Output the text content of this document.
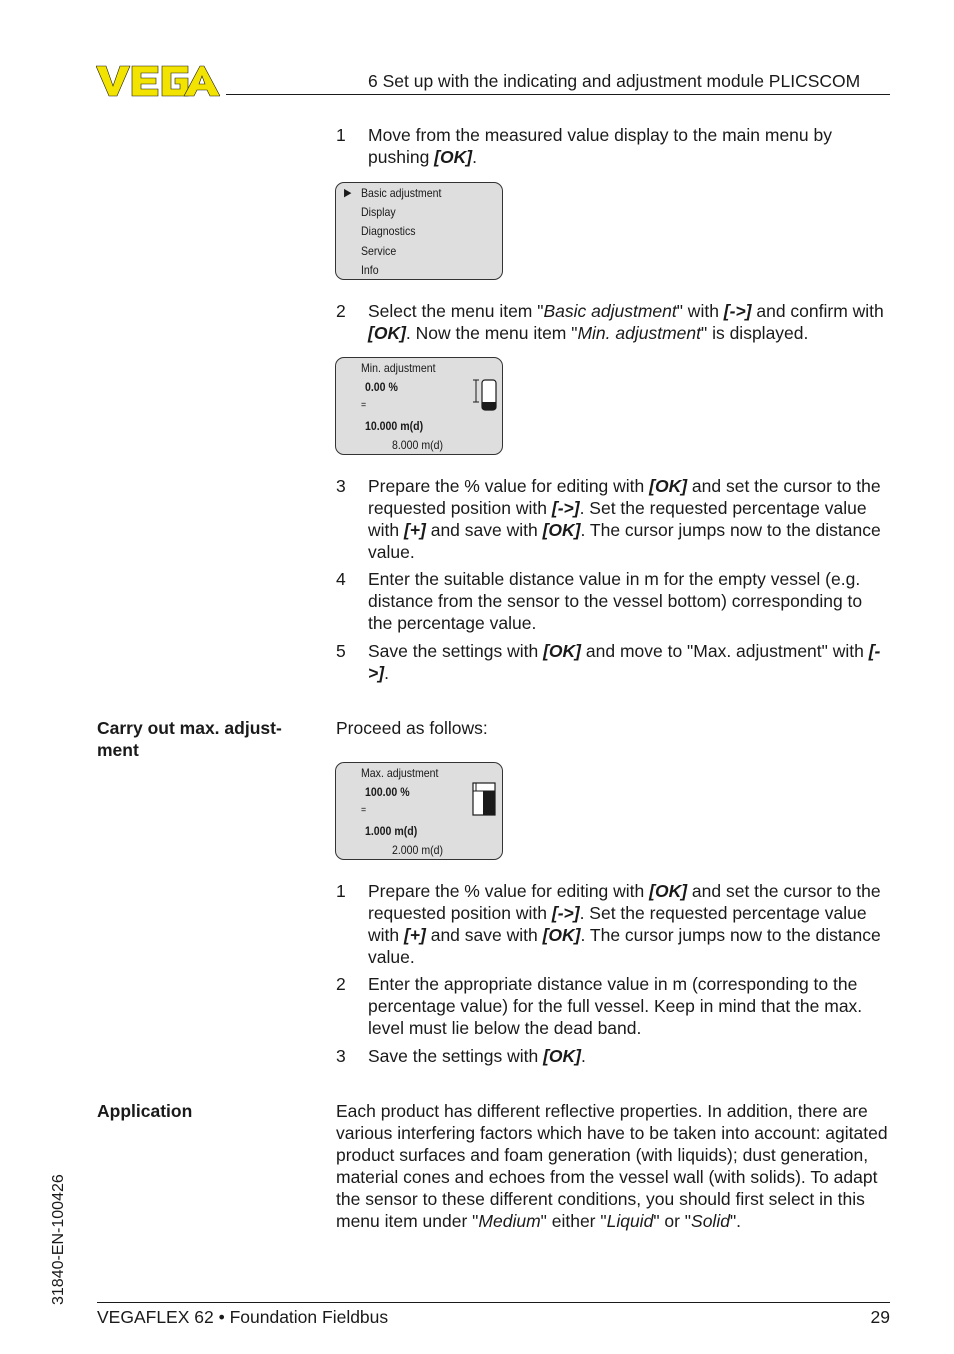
6 Set up with the indicating and adjustment module PLICSCOM
1 Move from the measured value display to the main menu by pushing [OK].
▶ Basic adjustment
Display
Diagnostics
Service
Info
2 Select the menu item "Basic adjustment" with [->] and confirm with [OK]. Now the menu item "Min. adjustment" is displayed.
Min. adjustment
0.00 %
=
10.000 m(d)
8.000 m(d)
3 Prepare the % value for editing with [OK] and set the cursor to the requested position with [->]. Set the requested percentage value with [+] and save with [OK]. The cursor jumps now to the distance value.
4 Enter the suitable distance value in m for the empty vessel (e.g. distance from the sensor to the vessel bottom) corresponding to the percentage value.
5 Save the settings with [OK] and move to "Max. adjustment" with [->].
Carry out max. adjust- ment
Proceed as follows:
Max. adjustment
100.00 %
=
1.000 m(d)
2.000 m(d)
1 Prepare the % value for editing with [OK] and set the cursor to the requested position with [->]. Set the requested percentage value with [+] and save with [OK]. The cursor jumps now to the distance value.
2 Enter the appropriate distance value in m (corresponding to the percentage value) for the full vessel. Keep in mind that the max. level must lie below the dead band.
3 Save the settings with [OK].
Application	Each product has different reflective properties. In addition, there are various interfering factors which have to be taken into account: agitated product surfaces and foam generation (with liquids); dust generation, material cones and echoes from the vessel wall (with solids). To adapt the sensor to these different conditions, you should first select in this menu item under "Medium" either "Liquid" or "Solid".
31840-EN-100426
VEGAFLEX 62 • Foundation Fieldbus	29
